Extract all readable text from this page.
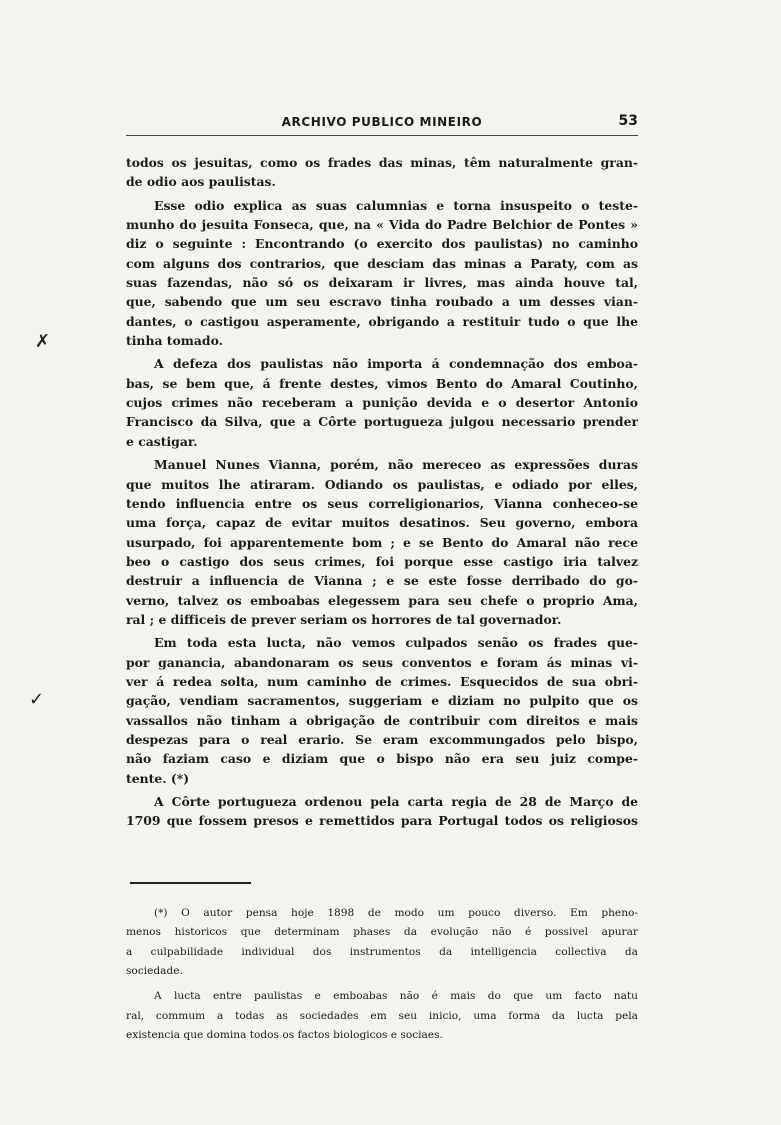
ARCHIVO PUBLICO MINEIRO	53
todos os jesuitas, como os frades das minas, têm naturalmente gran-
de odio aos paulistas.
Esse odio explica as suas calumnias e torna insuspeito o teste-
munho do jesuita Fonseca, que, na « Vida do Padre Belchior de Pontes »
diz o seguinte : Encontrando (o exercito dos paulistas) no caminho
com alguns dos contrarios, que desciam das minas a Paraty, com as
suas fazendas, não só os deixaram ir livres, mas ainda houve tal,
que, sabendo que um seu escravo tinha roubado a um desses vian-
dantes, o castigou asperamente, obrigando a restituir tudo o que lhe
tinha tomado.
A defeza dos paulistas não importa á condemnação dos emboa-
bas, se bem que, á frente destes, vimos Bento do Amaral Coutinho,
cujos crimes não receberam a punição devida e o desertor Antonio
Francisco da Silva, que a Côrte portugueza julgou necessario prender
e castigar.
Manuel Nunes Vianna, porém, não mereceo as expressões duras
que muitos lhe atiraram. Odiando os paulistas, e odiado por elles,
tendo influencia entre os seus correligionarios, Vianna conheceo-se
uma força, capaz de evitar muitos desatinos. Seu governo, embora
usurpado, foi apparentemente bom ; e se Bento do Amaral não rece
beo o castigo dos seus crimes, foi porque esse castigo iria talvez
destruir a influencia de Vianna ; e se este fosse derribado do go-
verno, talvez os emboabas elegessem para seu chefe o proprio Ama,
ral ; e difficeis de prever seriam os horrores de tal governador.
Em toda esta lucta, não vemos culpados senão os frades que-
por ganancia, abandonaram os seus conventos e foram ás minas vi-
ver á redea solta, num caminho de crimes. Esquecidos de sua obri-
gação, vendiam sacramentos, suggeriam e diziam no pulpito que os
vassallos não tinham a obrigação de contribuir com direitos e mais
despezas para o real erario. Se eram excommungados pelo bispo,
não faziam caso e diziam que o bispo não era seu juiz compe-
tente. (*)
A Côrte portugueza ordenou pela carta regia de 28 de Março de
1709 que fossem presos e remettidos para Portugal todos os religiosos
✗
✓
(*) O autor pensa hoje 1898 de modo um pouco diverso. Em pheno-
menos historicos que determinam phases da evolução não é possivel apurar
a culpabilidade individual dos instrumentos da intelligencia collectiva da
sociedade.
A lucta entre paulistas e emboabas não é mais do que um facto natu
ral, commum a todas as sociedades em seu inicio, uma forma da lucta pela
existencia que domina todos os factos biologicos e sociaes.
